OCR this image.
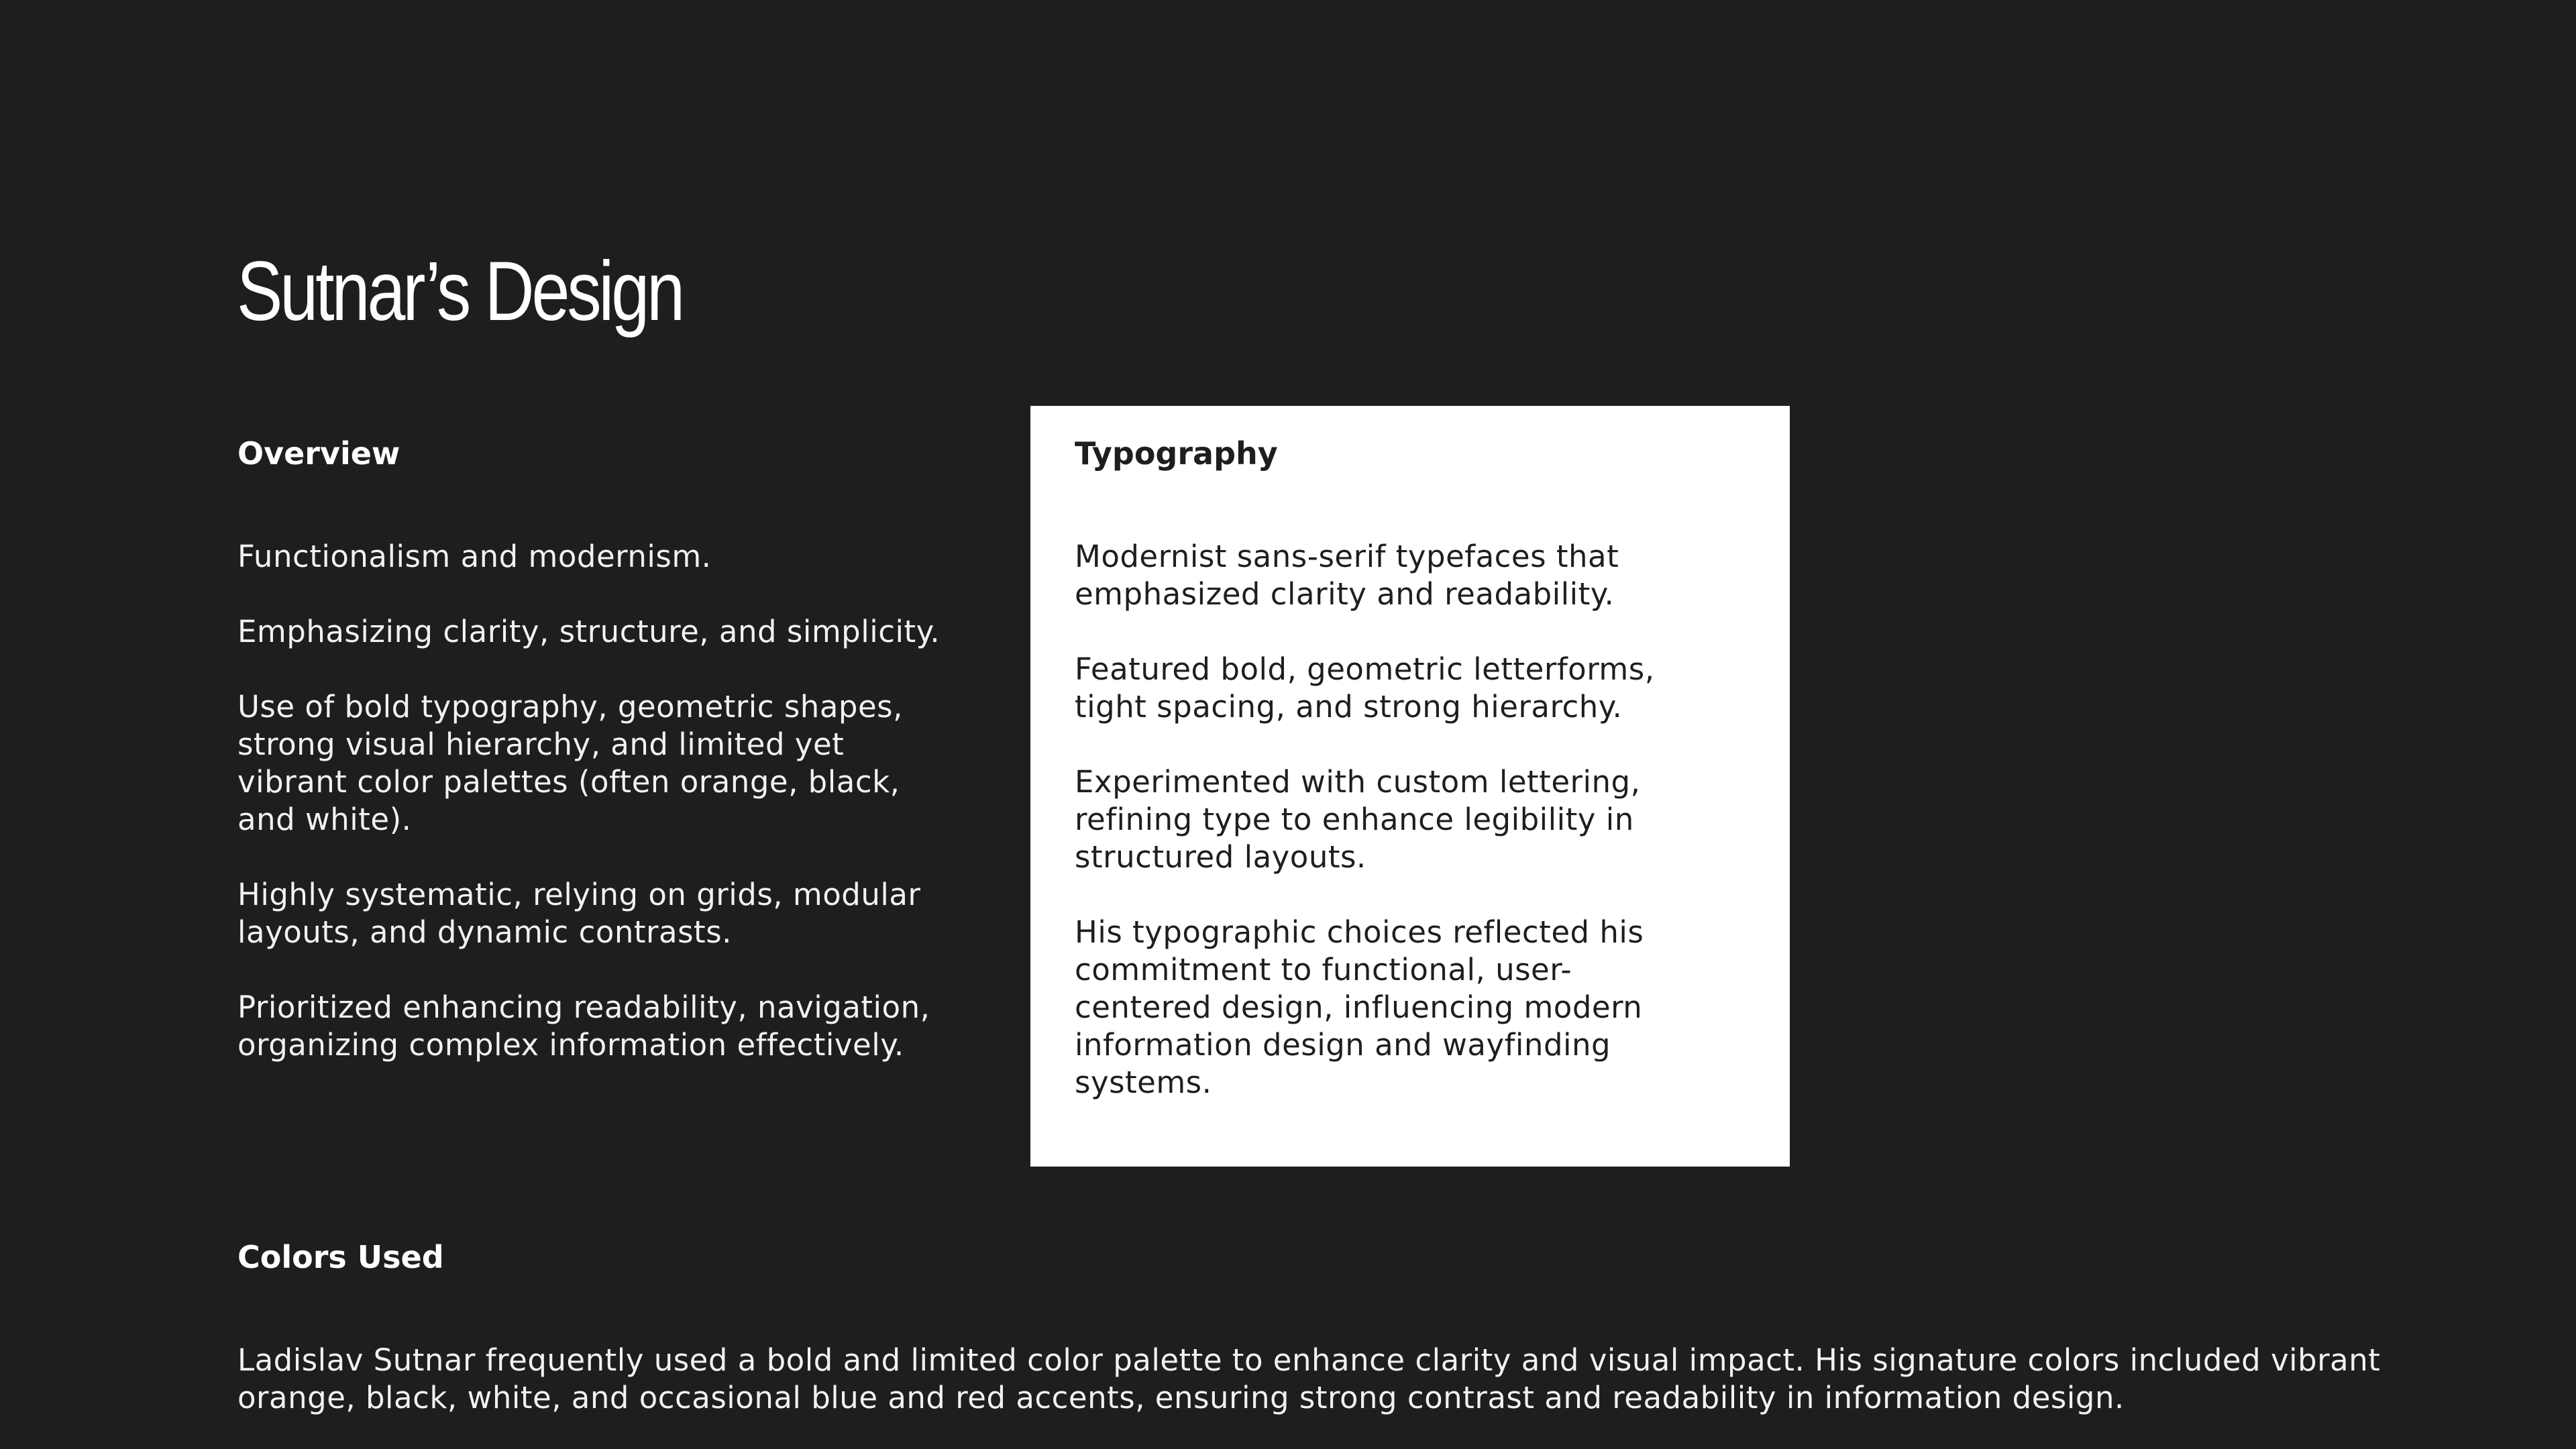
Sutnar’s Design
Overview

Functionalism and modernism.

Emphasizing clarity, structure, and simplicity.

Use of bold typography, geometric shapes, strong visual hierarchy, and limited yet vibrant color palettes (often orange, black, and white).

Highly systematic, relying on grids, modular layouts, and dynamic contrasts.

Prioritized enhancing readability, navigation, organizing complex information effectively.

Typography

Modernist sans-serif typefaces that emphasized clarity and readability.

Featured bold, geometric letterforms, tight spacing, and strong hierarchy.

Experimented with custom lettering, refining type to enhance legibility in structured layouts.

His typographic choices reflected his commitment to functional, user-centered design, influencing modern information design and wayfinding systems.

Colors Used

Ladislav Sutnar frequently used a bold and limited color palette to enhance clarity and visual impact. His signature colors included vibrant orange, black, white, and occasional blue and red accents, ensuring strong contrast and readability in information design.
